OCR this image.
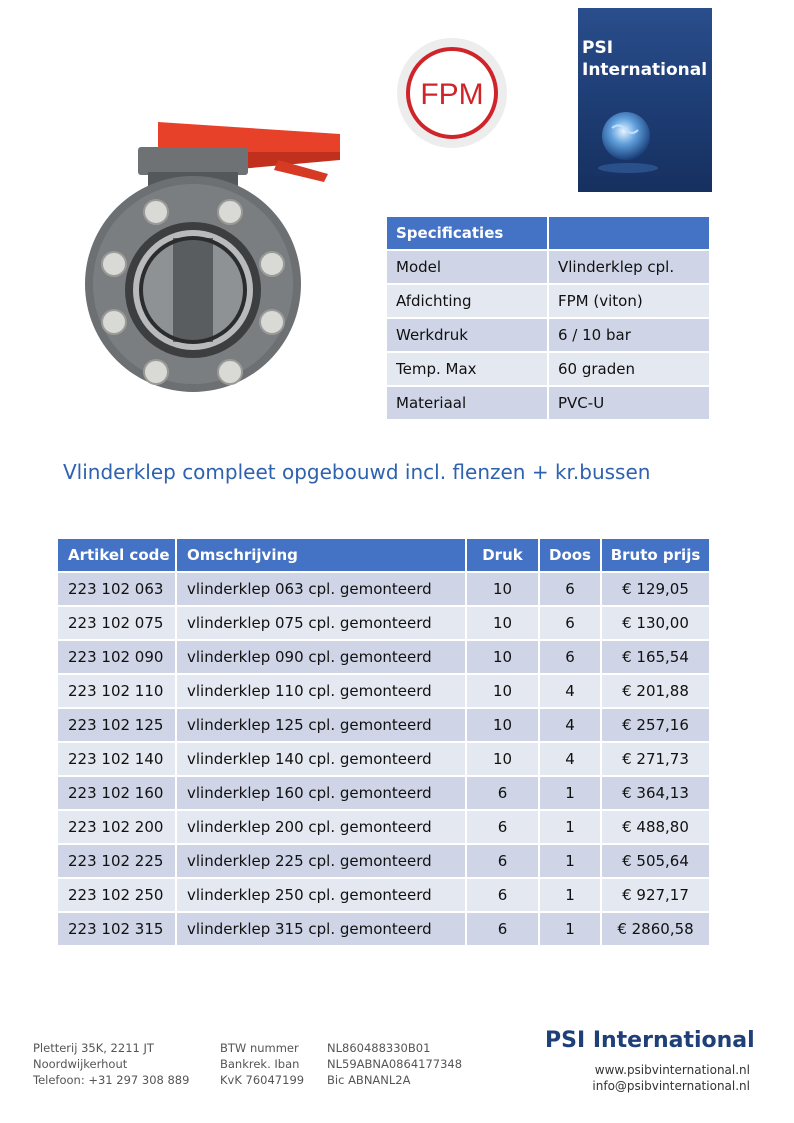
FPM
PSI
International
Specificaties	
Model	Vlinderklep cpl.
Afdichting	FPM (viton)
Werkdruk	6 / 10 bar
Temp. Max	60 graden
Materiaal	PVC-U
Vlinderklep compleet opgebouwd incl. flenzen + kr.bussen
Artikel code	Omschrijving	Druk	Doos	Bruto prijs
223 102 063	vlinderklep 063 cpl. gemonteerd	10	6	€ 129,05
223 102 075	vlinderklep 075 cpl. gemonteerd	10	6	€ 130,00
223 102 090	vlinderklep 090 cpl. gemonteerd	10	6	€ 165,54
223 102 110	vlinderklep 110 cpl. gemonteerd	10	4	€ 201,88
223 102 125	vlinderklep 125 cpl. gemonteerd	10	4	€ 257,16
223 102 140	vlinderklep 140 cpl. gemonteerd	10	4	€ 271,73
223 102 160	vlinderklep 160 cpl. gemonteerd	6	1	€ 364,13
223 102 200	vlinderklep 200 cpl. gemonteerd	6	1	€ 488,80
223 102 225	vlinderklep 225 cpl. gemonteerd	6	1	€ 505,64
223 102 250	vlinderklep 250 cpl. gemonteerd	6	1	€ 927,17
223 102 315	vlinderklep 315 cpl. gemonteerd	6	1	€ 2860,58
Pletterij 35K, 2211 JT
Noordwijkerhout
Telefoon: +31 297 308 889
BTW nummer
Bankrek. Iban
KvK 76047199
NL860488330B01
NL59ABNA0864177348
Bic ABNANL2A
PSI International
www.psibvinternational.nl
info@psibvinternational.nl
